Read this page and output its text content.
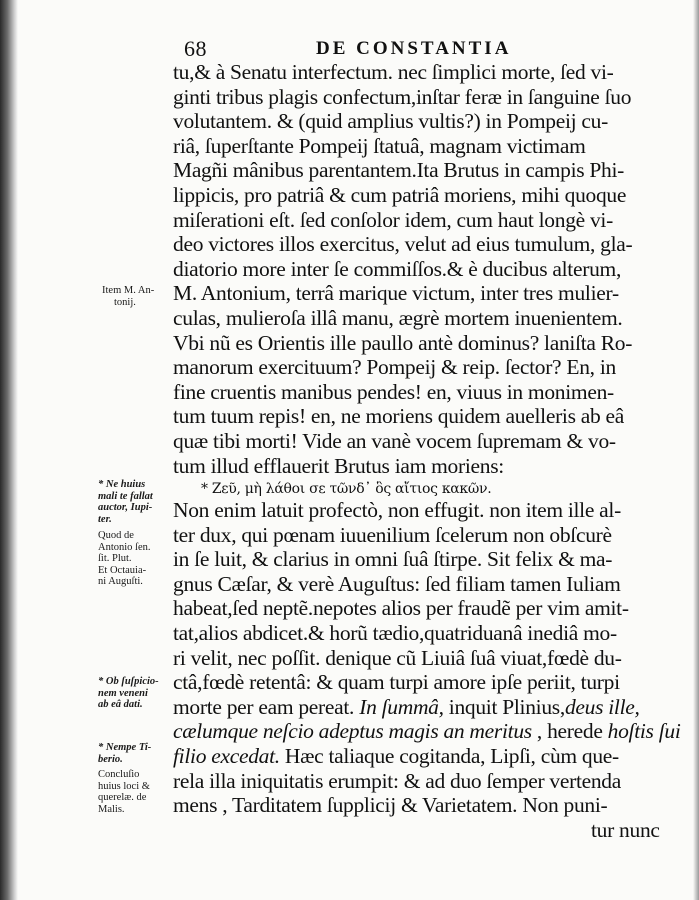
68	DE CONSTANTIA
tu,& à Senatu interfectum. nec ſimplici morte, ſed vi-
ginti tribus plagis confectum,inſtar feræ in ſanguine ſuo
volutantem. & (quid amplius vultis?) in Pompeij cu-
riâ, ſuperſtante Pompeij ſtatuâ, magnam victimam
Magñi mânibus parentantem.Ita Brutus in campis Phi-
lippicis, pro patriâ & cum patriâ moriens, mihi quoque
miſerationi eſt. ſed conſolor idem, cum haut longè vi-
deo victores illos exercitus, velut ad eius tumulum, gla-
diatorio more inter ſe commiſſos.& è ducibus alterum,
M. Antonium, terrâ marique victum, inter tres mulier-
culas, mulieroſa illâ manu, ægrè mortem inuenientem.
Vbi nũ es Orientis ille paullo antè dominus? laniſta Ro-
manorum exercituum? Pompeij & reip. ſector? En, in
fine cruentis manibus pendes! en, viuus in monimen-
tum tuum repis! en, ne moriens quidem auelleris ab eâ
quæ tibi morti! Vide an vanè vocem ſupremam & vo-
tum illud efflauerit Brutus iam moriens:
* Ζεῦ, μὴ λάθοι σε τῶνδ᾽ ὃς αἴτιος κακῶν.
Non enim latuit profectò, non effugit. non item ille al-
ter dux, qui pœnam iuuenilium ſcelerum non obſcurè
in ſe luit, & clarius in omni ſuâ ſtirpe. Sit felix & ma-
gnus Cæſar, & verè Auguſtus: ſed filiam tamen Iuliam
habeat,ſed neptẽ.nepotes alios per fraudẽ per vim amit-
tat,alios abdicet.& horũ tædio,quatriduanâ inediâ mo-
ri velit, nec poſſit. denique cũ Liuiâ ſuâ viuat,fœdè du-
ctâ,fœdè retentâ: & quam turpi amore ipſe periit, turpi
morte per eam pereat. In ſummâ, inquit Plinius,deus ille,
cælumque neſcio adeptus magis an meritus , herede hoſtis ſui
filio excedat. Hæc taliaque cogitanda, Lipſi, cùm que-
rela illa iniquitatis erumpit: & ad duo ſemper vertenda
mens , Tarditatem ſupplicij & Varietatem. Non puni-
tur nunc
Item M. An-
tonij.
* Ne huius
mali te fallat
auctor, Iupi-
ter.
Quod de
Antonio ſen.
ſit. Plut.
Et Octauia-
ni Auguſti.
* Ob ſuſpicio-
nem veneni
ab eâ dati.
* Nempe Ti-
berio.
Concluſio
huius loci &
querelæ. de
Malis.
